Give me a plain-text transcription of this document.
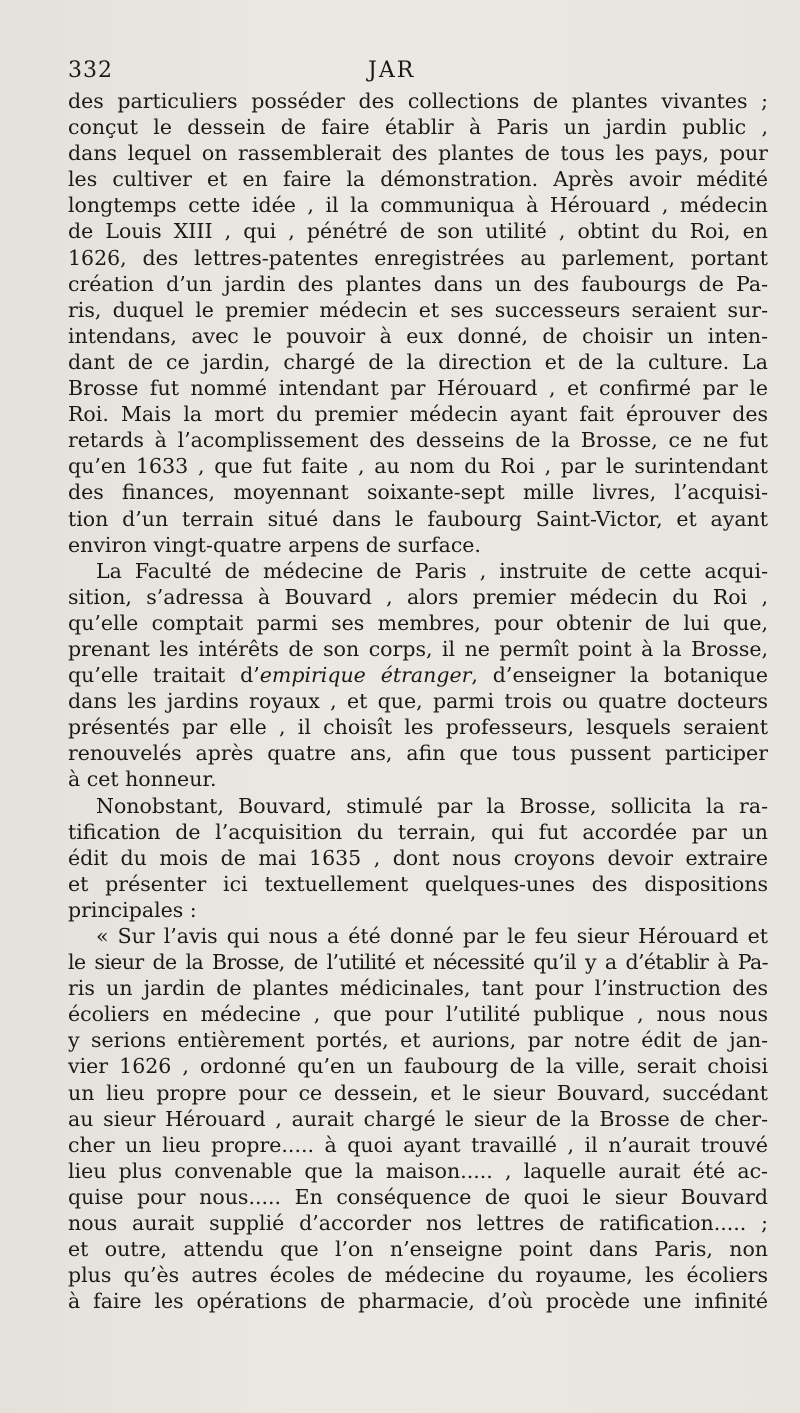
332	JAR
des particuliers posséder des collections de plantes vivantes ;
conçut le dessein de faire établir à Paris un jardin public ,
dans lequel on rassemblerait des plantes de tous les pays, pour
les cultiver et en faire la démonstration. Après avoir médité
longtemps cette idée , il la communiqua à Hérouard , médecin
de Louis XIII , qui , pénétré de son utilité , obtint du Roi, en
1626, des lettres-patentes enregistrées au parlement, portant
création d’un jardin des plantes dans un des faubourgs de Pa-
ris, duquel le premier médecin et ses successeurs seraient sur-
intendans, avec le pouvoir à eux donné, de choisir un inten-
dant de ce jardin, chargé de la direction et de la culture. La
Brosse fut nommé intendant par Hérouard , et confirmé par le
Roi. Mais la mort du premier médecin ayant fait éprouver des
retards à l’acomplissement des desseins de la Brosse, ce ne fut
qu’en 1633 , que fut faite , au nom du Roi , par le surintendant
des finances, moyennant soixante-sept mille livres, l’acquisi-
tion d’un terrain situé dans le faubourg Saint-Victor, et ayant
environ vingt-quatre arpens de surface.
La Faculté de médecine de Paris , instruite de cette acqui-
sition, s’adressa à Bouvard , alors premier médecin du Roi ,
qu’elle comptait parmi ses membres, pour obtenir de lui que,
prenant les intérêts de son corps, il ne permît point à la Brosse,
qu’elle traitait d’empirique étranger, d’enseigner la botanique
dans les jardins royaux , et que, parmi trois ou quatre docteurs
présentés par elle , il choisît les professeurs, lesquels seraient
renouvelés après quatre ans, afin que tous pussent participer
à cet honneur.
Nonobstant, Bouvard, stimulé par la Brosse, sollicita la ra-
tification de l’acquisition du terrain, qui fut accordée par un
édit du mois de mai 1635 , dont nous croyons devoir extraire
et présenter ici textuellement quelques-unes des dispositions
principales :
« Sur l’avis qui nous a été donné par le feu sieur Hérouard et
le sieur de la Brosse, de l’utilité et nécessité qu’il y a d’établir à Pa-
ris un jardin de plantes médicinales, tant pour l’instruction des
écoliers en médecine , que pour l’utilité publique , nous nous
y serions entièrement portés, et aurions, par notre édit de jan-
vier 1626 , ordonné qu’en un faubourg de la ville, serait choisi
un lieu propre pour ce dessein, et le sieur Bouvard, succédant
au sieur Hérouard , aurait chargé le sieur de la Brosse de cher-
cher un lieu propre..... à quoi ayant travaillé , il n’aurait trouvé
lieu plus convenable que la maison..... , laquelle aurait été ac-
quise pour nous..... En conséquence de quoi le sieur Bouvard
nous aurait supplié d’accorder nos lettres de ratification..... ;
et outre, attendu que l’on n’enseigne point dans Paris, non
plus qu’ès autres écoles de médecine du royaume, les écoliers
à faire les opérations de pharmacie, d’où procède une infinité
